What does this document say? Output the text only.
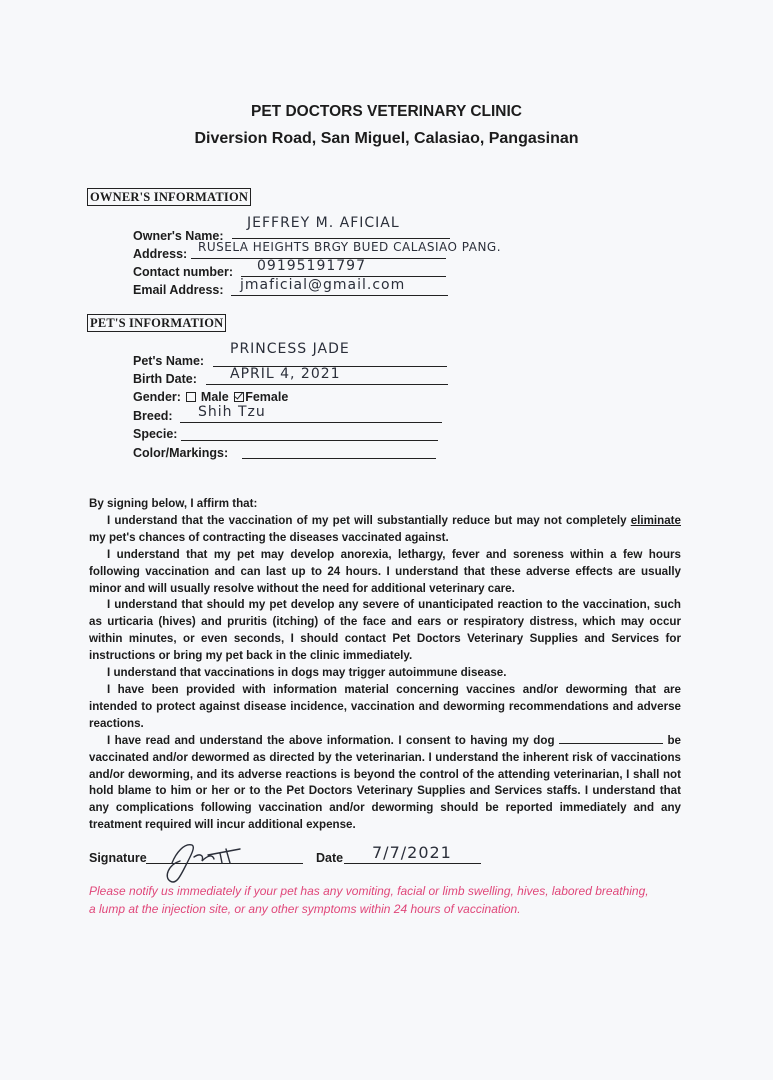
PET DOCTORS VETERINARY CLINIC
Diversion Road, San Miguel, Calasiao, Pangasinan
OWNER'S INFORMATION
Owner's Name:
JEFFREY M. AFICIAL
Address: RUSELA HEIGHTS BRGY BUED CALASIAO PANG.
Contact number: 09195191797
Email Address: jmaficial@gmail.com
PET'S INFORMATION
Pet's Name:
PRINCESS JADE
Birth Date: APRIL 4, 2021
Gender: Male Female
Breed: Shih Tzu
Specie:
Color/Markings:

By signing below, I affirm that:

I understand that the vaccination of my pet will substantially reduce but may not completely eliminate my pet's chances of contracting the diseases vaccinated against.

I understand that my pet may develop anorexia, lethargy, fever and soreness within a few hours following vaccination and can last up to 24 hours. I understand that these adverse effects are usually minor and will usually resolve without the need for additional veterinary care.

I understand that should my pet develop any severe of unanticipated reaction to the vaccination, such as urticaria (hives) and pruritis (itching) of the face and ears or respiratory distress, which may occur within minutes, or even seconds, I should contact Pet Doctors Veterinary Supplies and Services for instructions or bring my pet back in the clinic immediately.

I understand that vaccinations in dogs may trigger autoimmune disease.

I have been provided with information material concerning vaccines and/or deworming that are intended to protect against disease incidence, vaccination and deworming recommendations and adverse reactions.

I have read and understand the above information. I consent to having my dog	be vaccinated and/or dewormed as directed by the veterinarian. I understand the inherent risk of vaccinations and/or deworming, and its adverse reactions is beyond the control of the attending veterinarian, I shall not hold blame to him or her or to the Pet Doctors Veterinary Supplies and Services staffs. I understand that any complications following vaccination and/or deworming should be reported immediately and any treatment required will incur additional expense.

Signature	Date 7/7/2021
Please notify us immediately if your pet has any vomiting, facial or limb swelling, hives, labored breathing, a lump at the injection site, or any other symptoms within 24 hours of vaccination.
